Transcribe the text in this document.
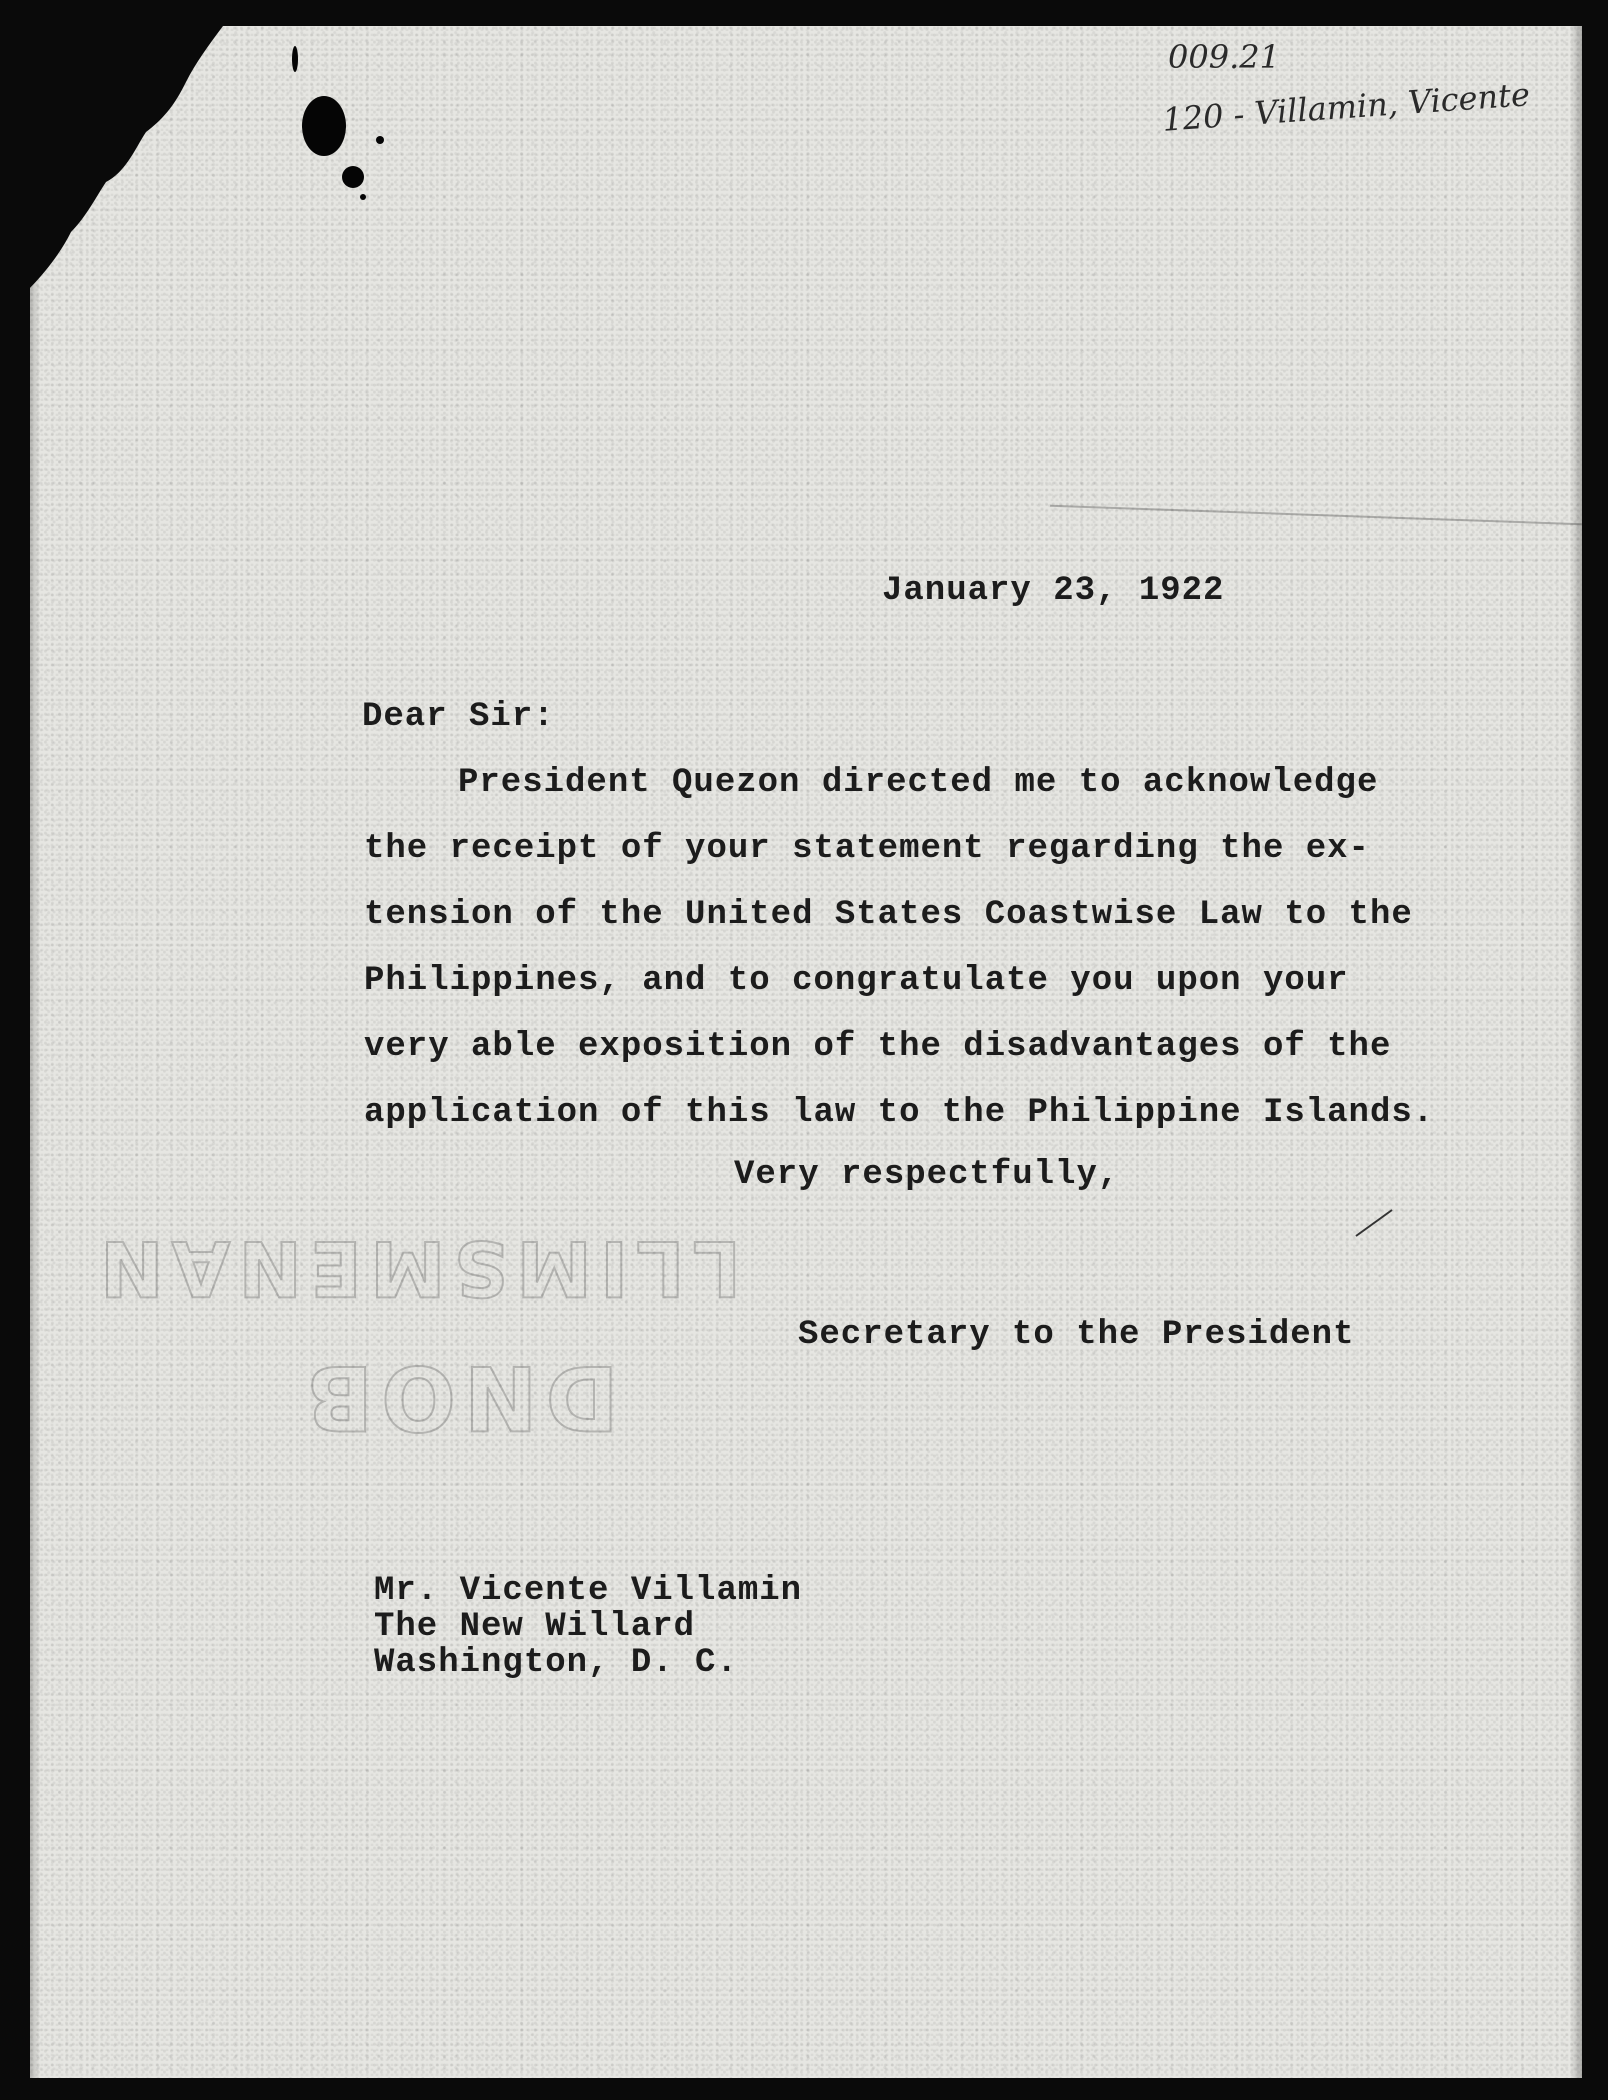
009.21
120 - Villamin, Vicente
January 23, 1922
Dear Sir:
President Quezon directed me to acknowledge
the receipt of your statement regarding the ex-
tension of the United States Coastwise Law to the
Philippines, and to congratulate you upon your
very able exposition of the disadvantages of the
application of this law to the Philippine Islands.
Very respectfully,
LLIMSMENAN
DNOB
Secretary to the President
Mr. Vicente Villamin
The New Willard
Washington, D. C.
